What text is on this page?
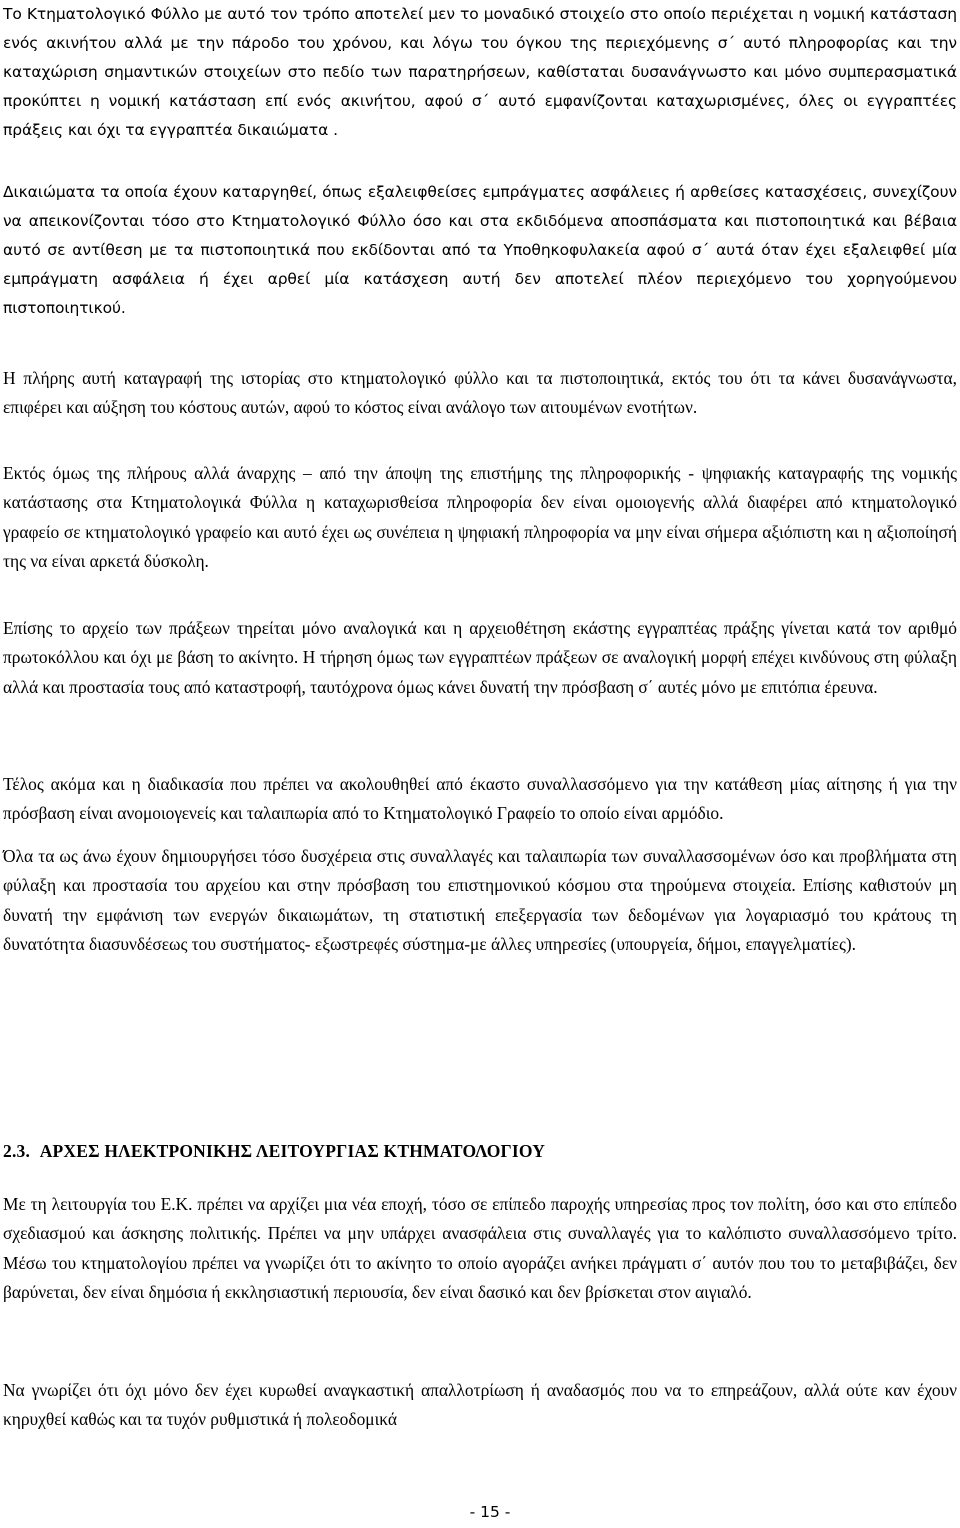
Το Κτηματολογικό Φύλλο με αυτό τον τρόπο αποτελεί μεν το μοναδικό στοιχείο στο οποίο περιέχεται η νομική κατάσταση ενός ακινήτου αλλά με την πάροδο του χρόνου, και λόγω του όγκου της περιεχόμενης σ΄ αυτό πληροφορίας και την καταχώριση σημαντικών στοιχείων στο πεδίο των παρατηρήσεων, καθίσταται δυσανάγνωστο και μόνο συμπερασματικά προκύπτει η νομική κατάσταση επί ενός ακινήτου, αφού σ΄ αυτό εμφανίζονται καταχωρισμένες, όλες οι εγγραπτέες πράξεις και όχι τα εγγραπτέα δικαιώματα .

Δικαιώματα τα οποία έχουν καταργηθεί, όπως εξαλειφθείσες εμπράγματες ασφάλειες ή αρθείσες κατασχέσεις, συνεχίζουν να απεικονίζονται τόσο στο Κτηματολογικό Φύλλο όσο και στα εκδιδόμενα αποσπάσματα και πιστοποιητικά και βέβαια αυτό σε αντίθεση με τα πιστοποιητικά που εκδίδονται από τα Υποθηκοφυλακεία αφού σ΄ αυτά όταν έχει εξαλειφθεί μία εμπράγματη ασφάλεια ή έχει αρθεί μία κατάσχεση αυτή δεν αποτελεί πλέον περιεχόμενο του χορηγούμενου πιστοποιητικού.

Η πλήρης αυτή καταγραφή της ιστορίας στο κτηματολογικό φύλλο και τα πιστοποιητικά, εκτός του ότι τα κάνει δυσανάγνωστα, επιφέρει και αύξηση του κόστους αυτών, αφού το κόστος είναι ανάλογο των αιτουμένων ενοτήτων.

Εκτός όμως της πλήρους αλλά άναρχης – από την άποψη της επιστήμης της πληροφορικής - ψηφιακής καταγραφής της νομικής κατάστασης στα Κτηματολογικά Φύλλα η καταχωρισθείσα πληροφορία δεν είναι ομοιογενής αλλά διαφέρει από κτηματολογικό γραφείο σε κτηματολογικό γραφείο και αυτό έχει ως συνέπεια η ψηφιακή πληροφορία να μην είναι σήμερα αξιόπιστη και η αξιοποίησή της να είναι αρκετά δύσκολη.

Επίσης το αρχείο των πράξεων τηρείται μόνο αναλογικά και η αρχειοθέτηση εκάστης εγγραπτέας πράξης γίνεται κατά τον αριθμό πρωτοκόλλου και όχι με βάση το ακίνητο. Η τήρηση όμως των εγγραπτέων πράξεων σε αναλογική μορφή επέχει κινδύνους στη φύλαξη αλλά και προστασία τους από καταστροφή, ταυτόχρονα όμως κάνει δυνατή την πρόσβαση σ΄ αυτές μόνο με επιτόπια έρευνα.

Τέλος ακόμα και η διαδικασία που πρέπει να ακολουθηθεί από έκαστο συναλλασσόμενο για την κατάθεση μίας αίτησης ή για την πρόσβαση είναι ανομοιογενείς και ταλαιπωρία από το Κτηματολογικό Γραφείο το οποίο είναι αρμόδιο.

Όλα τα ως άνω έχουν δημιουργήσει τόσο δυσχέρεια στις συναλλαγές και ταλαιπωρία των συναλλασσομένων όσο και προβλήματα στη φύλαξη και προστασία του αρχείου και στην πρόσβαση του επιστημονικού κόσμου στα τηρούμενα στοιχεία. Επίσης καθιστούν μη δυνατή την εμφάνιση των ενεργών δικαιωμάτων, τη στατιστική επεξεργασία των δεδομένων για λογαριασμό του κράτους τη δυνατότητα διασυνδέσεως του συστήματος- εξωστρεφές σύστημα-με άλλες υπηρεσίες (υπουργεία, δήμοι, επαγγελματίες).

2.3. ΑΡΧΕΣ ΗΛΕΚΤΡΟΝΙΚΗΣ ΛΕΙΤΟΥΡΓΙΑΣ ΚΤΗΜΑΤΟΛΟΓΙΟΥ

Με τη λειτουργία του Ε.Κ. πρέπει να αρχίζει μια νέα εποχή, τόσο σε επίπεδο παροχής υπηρεσίας προς τον πολίτη, όσο και στο επίπεδο σχεδιασμού και άσκησης πολιτικής. Πρέπει να μην υπάρχει ανασφάλεια στις συναλλαγές για το καλόπιστο συναλλασσόμενο τρίτο. Μέσω του κτηματολογίου πρέπει να γνωρίζει ότι το ακίνητο το οποίο αγοράζει ανήκει πράγματι σ΄ αυτόν που του το μεταβιβάζει, δεν βαρύνεται, δεν είναι δημόσια ή εκκλησιαστική περιουσία, δεν είναι δασικό και δεν βρίσκεται στον αιγιαλό.

Να γνωρίζει ότι όχι μόνο δεν έχει κυρωθεί αναγκαστική απαλλοτρίωση ή αναδασμός που να το επηρεάζουν, αλλά ούτε καν έχουν κηρυχθεί καθώς και τα τυχόν ρυθμιστικά ή πολεοδομικά

- 15 -
